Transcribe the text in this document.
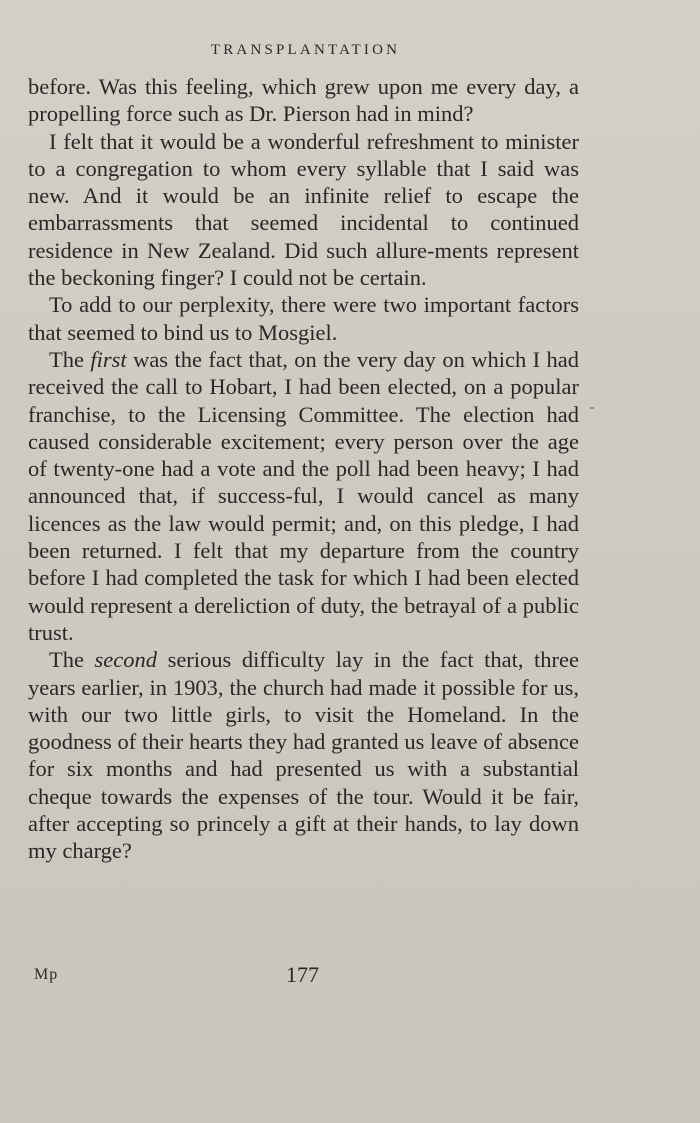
TRANSPLANTATION

before. Was this feeling, which grew upon me every day, a propelling force such as Dr. Pierson had in mind?

I felt that it would be a wonderful refreshment to minister to a congregation to whom every syllable that I said was new. And it would be an infinite relief to escape the embarrassments that seemed incidental to continued residence in New Zealand. Did such allure-ments represent the beckoning finger? I could not be certain.

To add to our perplexity, there were two important factors that seemed to bind us to Mosgiel.

The first was the fact that, on the very day on which I had received the call to Hobart, I had been elected, on a popular franchise, to the Licensing Committee. The election had caused considerable excitement; every person over the age of twenty-one had a vote and the poll had been heavy; I had announced that, if success-ful, I would cancel as many licences as the law would permit; and, on this pledge, I had been returned. I felt that my departure from the country before I had completed the task for which I had been elected would represent a dereliction of duty, the betrayal of a public trust.

The second serious difficulty lay in the fact that, three years earlier, in 1903, the church had made it possible for us, with our two little girls, to visit the Homeland. In the goodness of their hearts they had granted us leave of absence for six months and had presented us with a substantial cheque towards the expenses of the tour. Would it be fair, after accepting so princely a gift at their hands, to lay down my charge?

Mp	177
